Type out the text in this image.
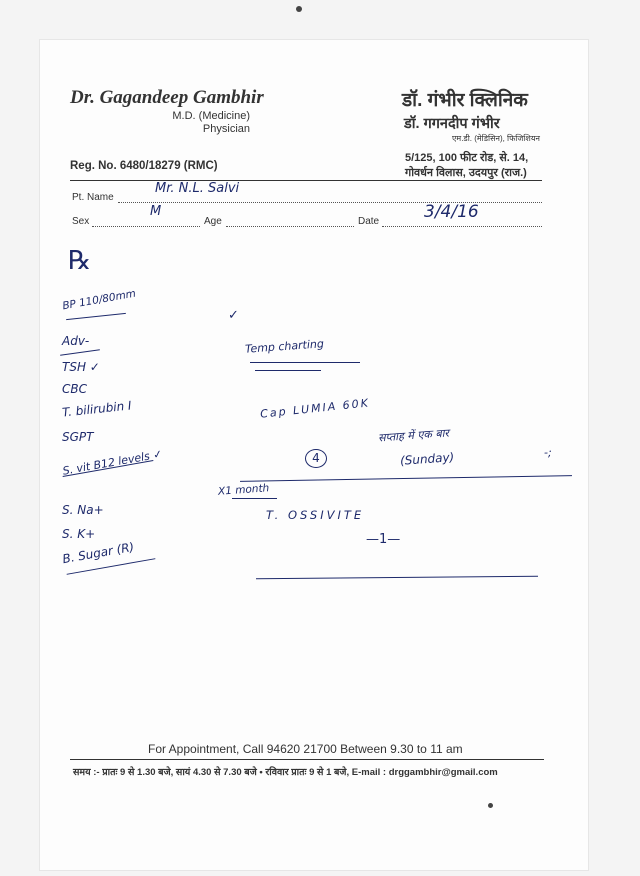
Dr. Gagandeep Gambhir
M.D. (Medicine)
Physician
Reg. No. 6480/18279 (RMC)
डॉ. गंभीर क्लिनिक
डॉ. गगनदीप गंभीर
एम.डी. (मेडिसिन), फिजिशियन
5/125, 100 फीट रोड, से. 14,
गोवर्धन विलास, उदयपुर (राज.)
Pt. Name
Mr. N.L. Salvi
Sex
M
Age	Date	3/4/16
℞
BP 110/80mm
Adv-
TSH ✓
CBC
T. bilirubin I
SGPT
S. vit B12 levels ✓
S. Na+
S. K+
B. Sugar (R)
✓
Temp charting
Cap LUMIA 60K
सप्ताह में एक बार
4	(Sunday)	-;
X1 month
T. OSSIVITE
—1—
For Appointment, Call 94620 21700 Between 9.30 to 11 am
समय :- प्रातः 9 से 1.30 बजे, सायं 4.30 से 7.30 बजे • रविवार प्रातः 9 से 1 बजे, E-mail : drggambhir@gmail.com
